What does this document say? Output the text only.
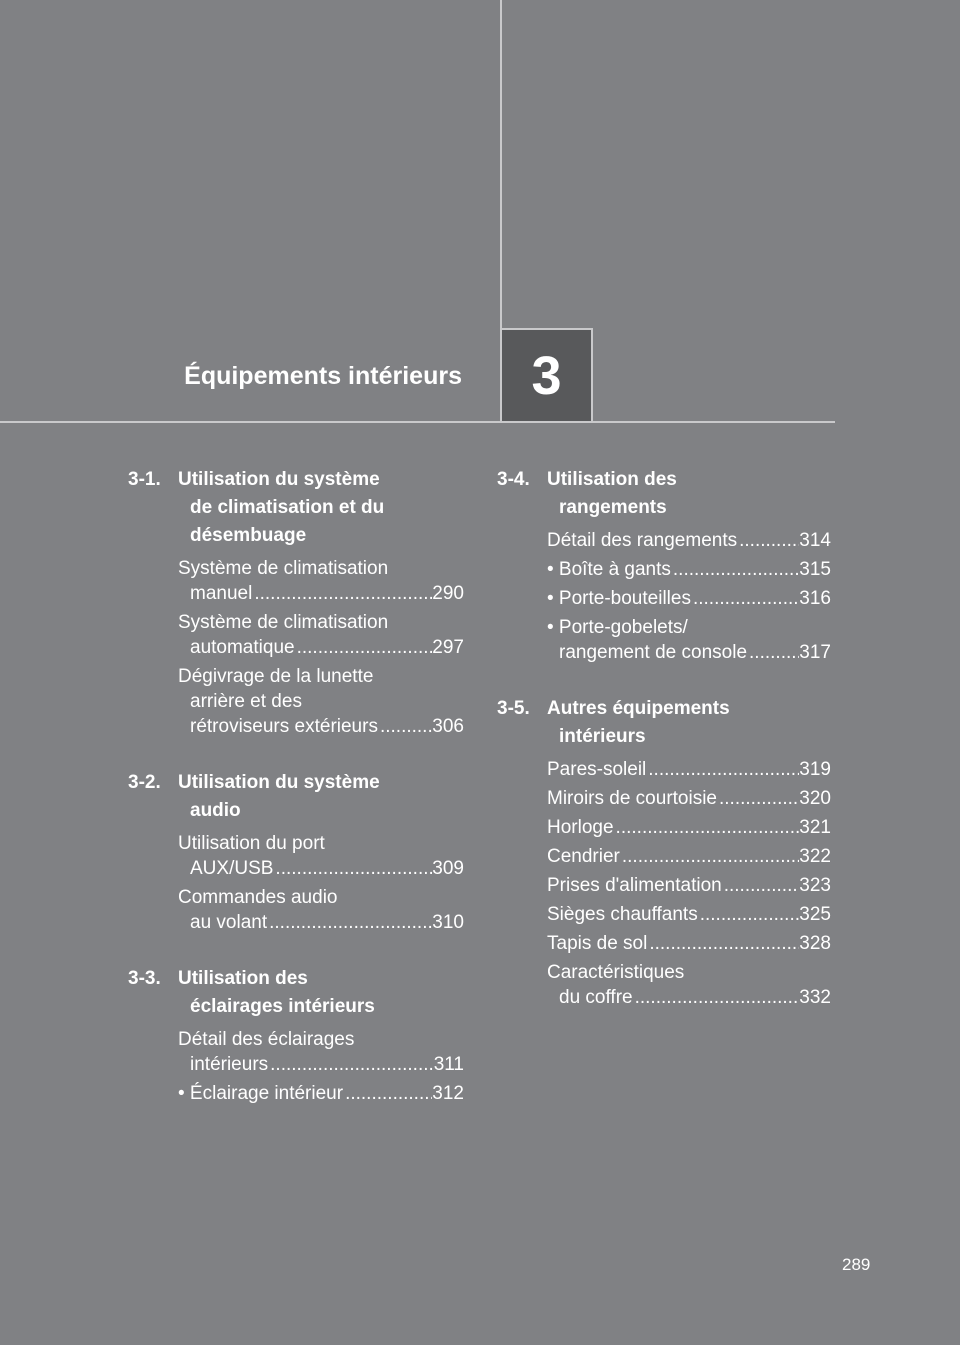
Équipements intérieurs 3
3-1. Utilisation du système
de climatisation et du
désembuage
Système de climatisation
manuel .....	290
Système de climatisation
automatique .....	297
Dégivrage de la lunette
arrière et des
rétroviseurs extérieurs .....	306
3-2. Utilisation du système
audio
Utilisation du port
AUX/USB .....	309
Commandes audio
au volant .....	310
3-3. Utilisation des
éclairages intérieurs
Détail des éclairages
intérieurs .....	311
• Éclairage intérieur .....	312
3-4. Utilisation des
rangements
Détail des rangements .....	314
• Boîte à gants .....	315
• Porte-bouteilles .....	316
• Porte-gobelets/
rangement de console .....	317
3-5. Autres équipements
intérieurs
Pares-soleil .....	319
Miroirs de courtoisie .....	320
Horloge .....	321
Cendrier .....	322
Prises d'alimentation .....	323
Sièges chauffants .....	325
Tapis de sol .....	328
Caractéristiques
du coffre .....	332
289
